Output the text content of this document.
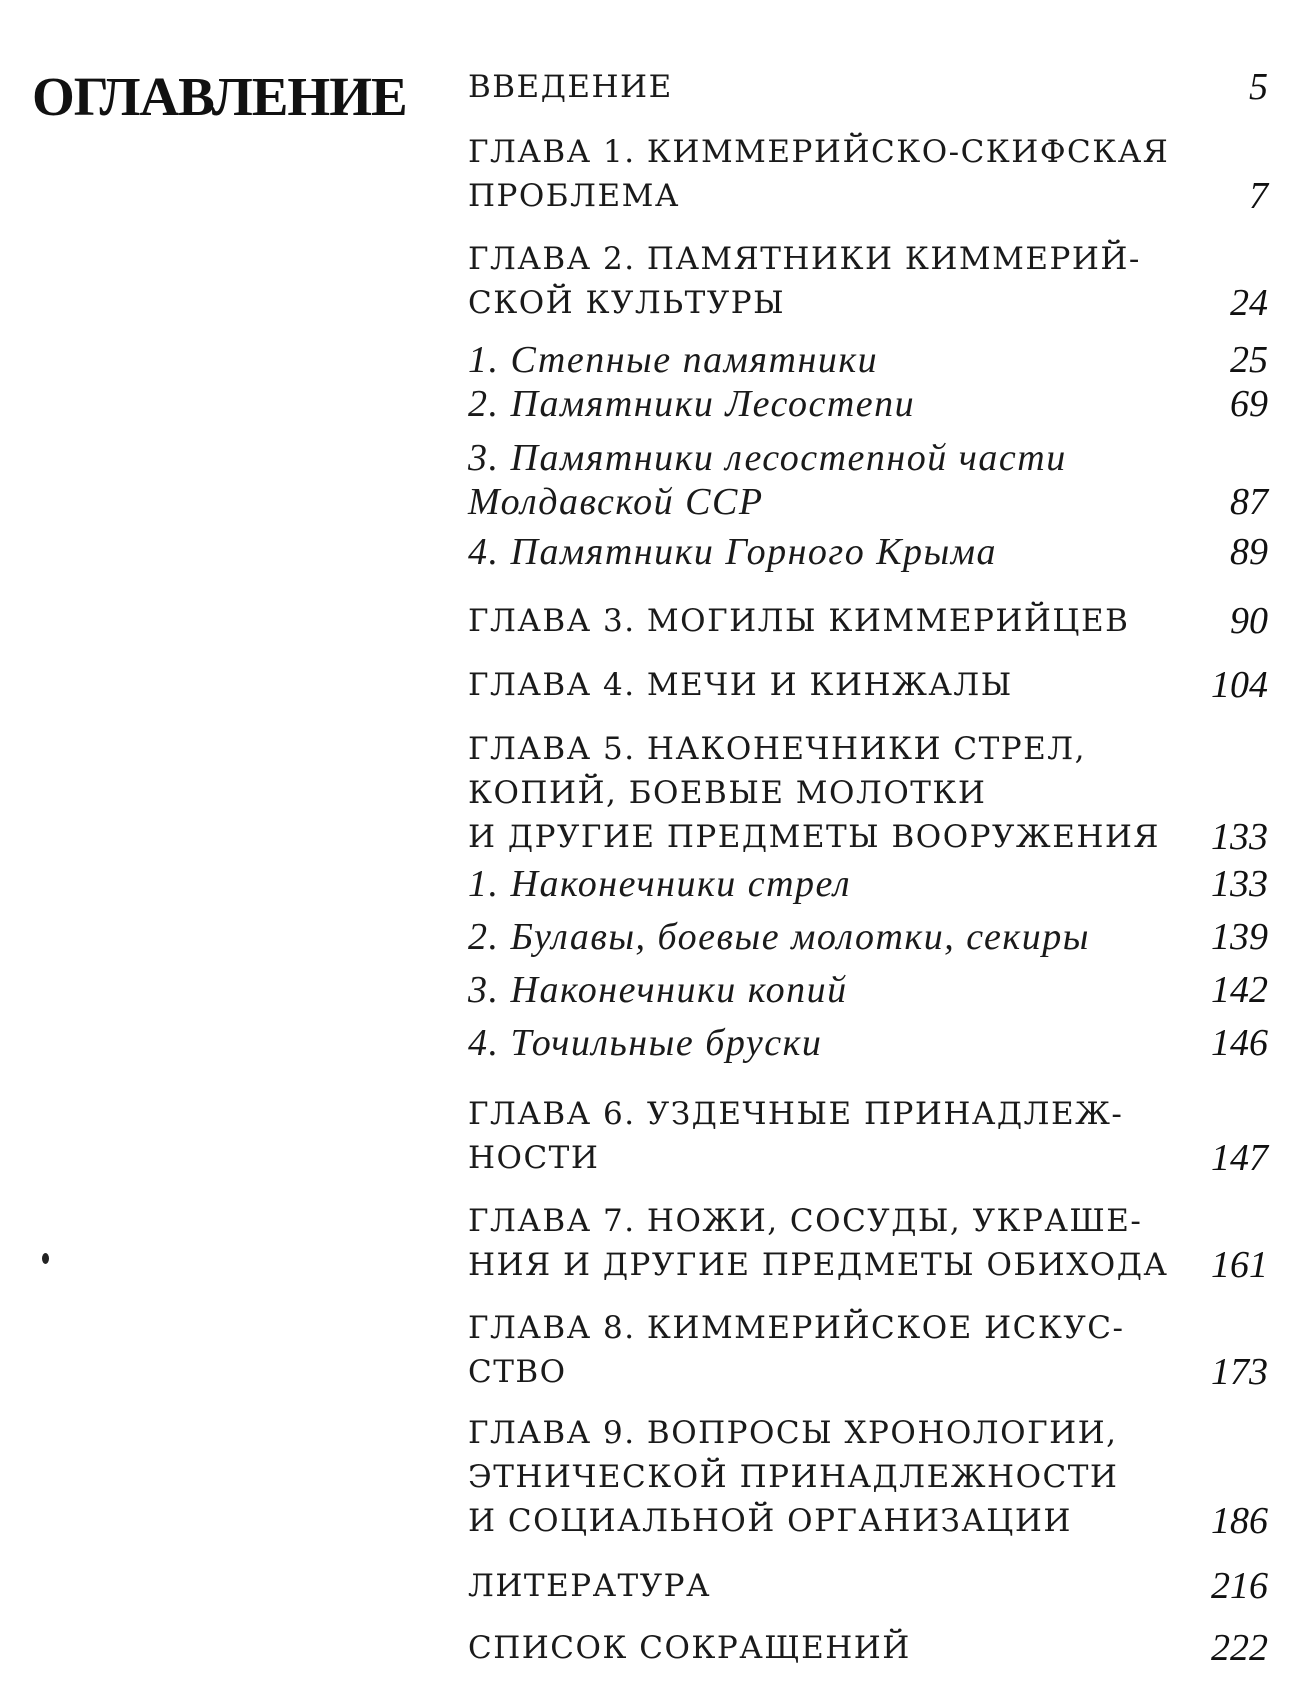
ОГЛАВЛЕНИЕ ВВЕДЕНИЕ	5
ГЛАВА 1. КИММЕРИЙСКО-СКИФСКАЯ
ПРОБЛЕМА	7
ГЛАВА 2. ПАМЯТНИКИ КИММЕРИЙ-
СКОЙ КУЛЬТУРЫ	24
1. Степные памятники	25
2. Памятники Лесостепи	69
3. Памятники лесостепной части
Молдавской ССР	87
4. Памятники Горного Крыма	89
ГЛАВА 3. МОГИЛЫ КИММЕРИЙЦЕВ	90
ГЛАВА 4. МЕЧИ И КИНЖАЛЫ	104
ГЛАВА 5. НАКОНЕЧНИКИ СТРЕЛ,
КОПИЙ, БОЕВЫЕ МОЛОТКИ
И ДРУГИЕ ПРЕДМЕТЫ ВООРУЖЕНИЯ	133
1. Наконечники стрел	133
2. Булавы, боевые молотки, секиры	139
3. Наконечники копий	142
4. Точильные бруски	146
ГЛАВА 6. УЗДЕЧНЫЕ ПРИНАДЛЕЖ-
НОСТИ	147
ГЛАВА 7. НОЖИ, СОСУДЫ, УКРАШЕ-
НИЯ И ДРУГИЕ ПРЕДМЕТЫ ОБИХОДА	161
ГЛАВА 8. КИММЕРИЙСКОЕ ИСКУС-
СТВО	173
ГЛАВА 9. ВОПРОСЫ ХРОНОЛОГИИ,
ЭТНИЧЕСКОЙ ПРИНАДЛЕЖНОСТИ
И СОЦИАЛЬНОЙ ОРГАНИЗАЦИИ	186
ЛИТЕРАТУРА	216
СПИСОК СОКРАЩЕНИЙ	222
